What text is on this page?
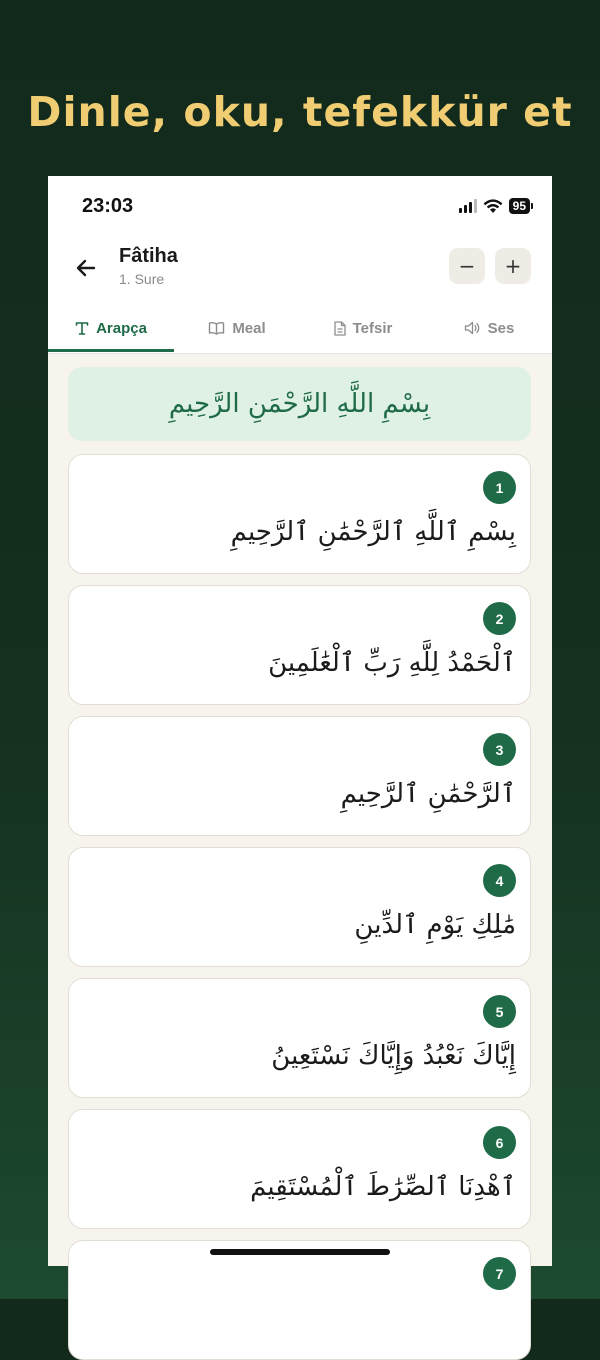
Dinle, oku, tefekkür et
23:03	95
Fâtiha
1. Sure
−	+
Arapça	Meal	Tefsir	Ses
بِسْمِ اللَّهِ الرَّحْمَنِ الرَّحِيمِ
1
بِسْمِ ٱللَّهِ ٱلرَّحْمَٰنِ ٱلرَّحِيمِ
2
ٱلْحَمْدُ لِلَّهِ رَبِّ ٱلْعَٰلَمِينَ
3
ٱلرَّحْمَٰنِ ٱلرَّحِيمِ
4
مَٰلِكِ يَوْمِ ٱلدِّينِ
5
إِيَّاكَ نَعْبُدُ وَإِيَّاكَ نَسْتَعِينُ
6
ٱهْدِنَا ٱلصِّرَٰطَ ٱلْمُسْتَقِيمَ
7
